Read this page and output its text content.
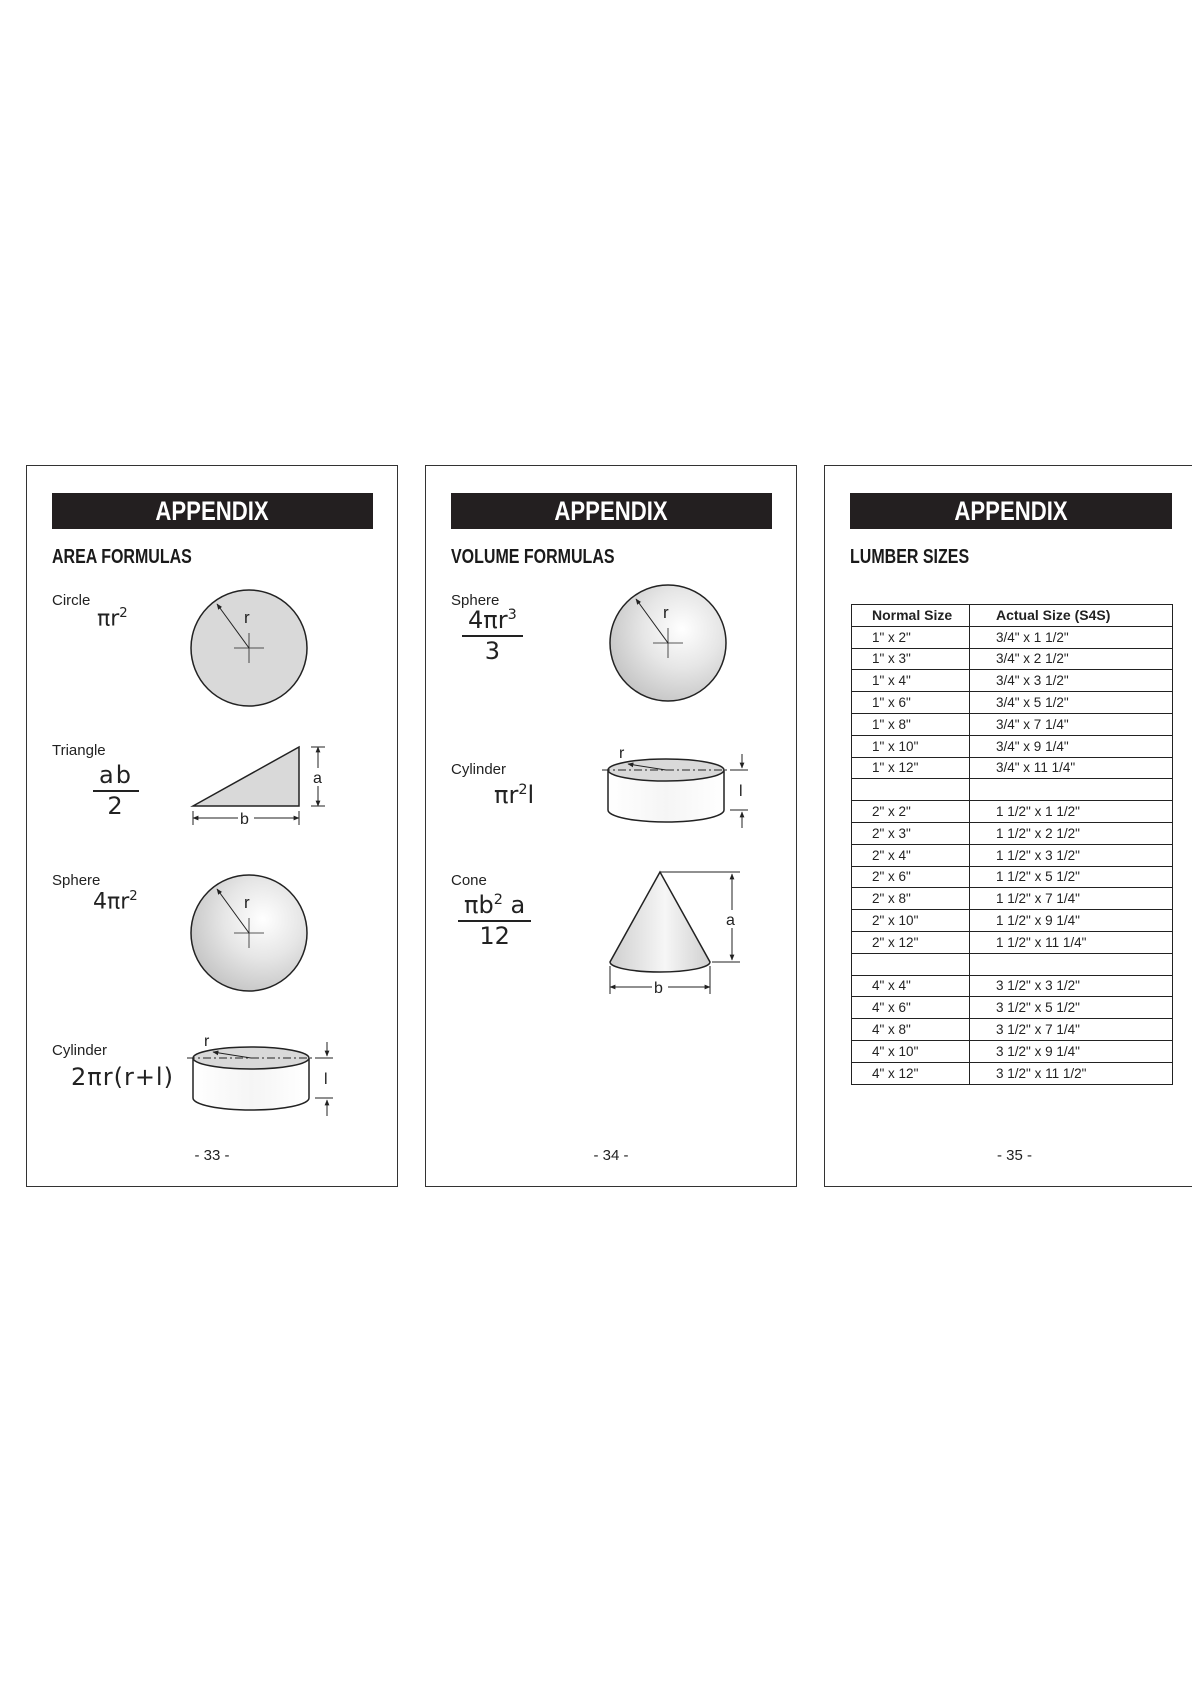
APPENDIX
AREA FORMULAS
Circle
$\pi r^2$	r
Triangle
$\frac{ab}{2}$	a
b
Sphere
$4\pi r^2$	r
Cylinder
2πr(r+l)
r
l
- 33 -
APPENDIX
VOLUME FORMULAS
Sphere
$\frac{4\pi r^3}{3}$	r
Cylinder
$\pi r^2l$
r
l
Cone
$\frac{\pi b^2 a}{12}$	a
b
- 34 -
APPENDIX
LUMBER SIZES
Normal Size	Actual Size (S4S)
1" x 2"	3/4" x 1 1/2"
1" x 3"	3/4" x 2 1/2"
1" x 4"	3/4" x 3 1/2"
1" x 6"	3/4" x 5 1/2"
1" x 8"	3/4" x 7 1/4"
1" x 10"	3/4" x 9 1/4"
1" x 12"	3/4" x 11 1/4"

2" x 2"	1 1/2" x 1 1/2"
2" x 3"	1 1/2" x 2 1/2"
2" x 4"	1 1/2" x 3 1/2"
2" x 6"	1 1/2" x 5 1/2"
2" x 8"	1 1/2" x 7 1/4"
2" x 10"	1 1/2" x 9 1/4"
2" x 12"	1 1/2" x 11 1/4"

4" x 4"	3 1/2" x 3 1/2"
4" x 6"	3 1/2" x 5 1/2"
4" x 8"	3 1/2" x 7 1/4"
4" x 10"	3 1/2" x 9 1/4"
4" x 12"	3 1/2" x 11 1/2"
- 35 -
